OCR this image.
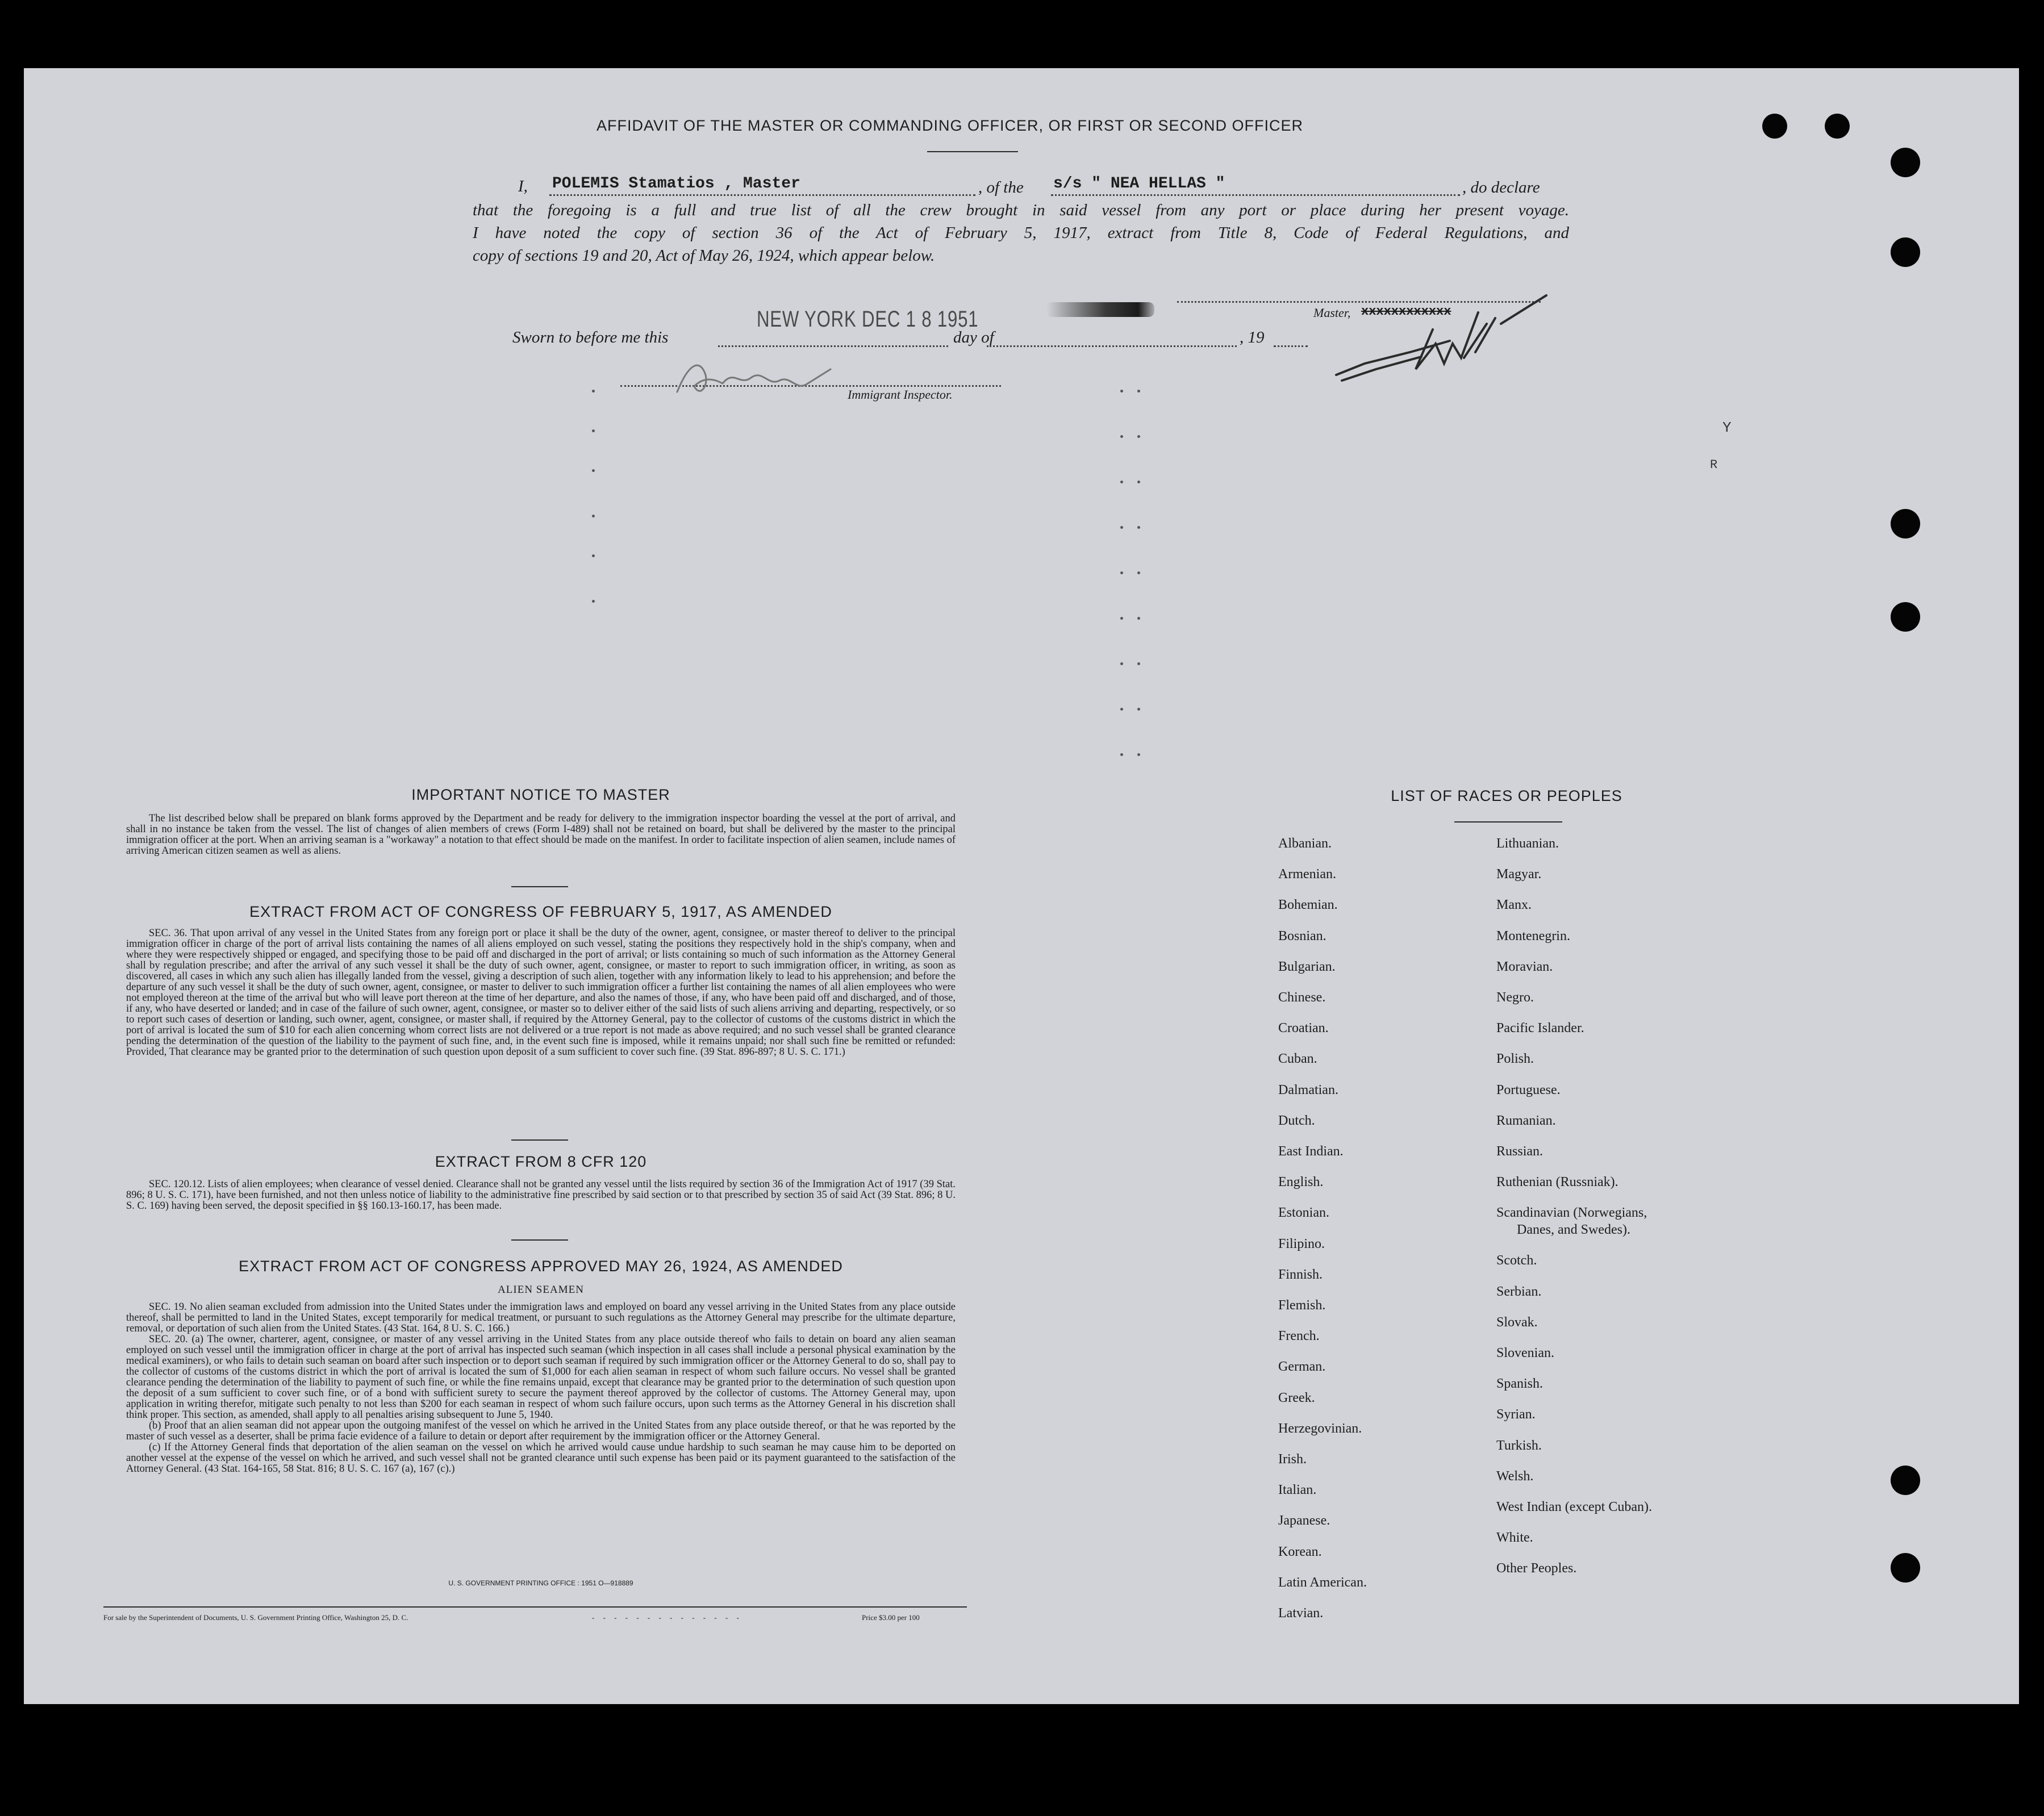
AFFIDAVIT OF THE MASTER OR COMMANDING OFFICER, OR FIRST OR SECOND OFFICER
I, POLEMIS Stamatios , Master	, of the s/s " NEA HELLAS "	, do declare
that the foregoing is a full and true list of all the crew brought in said vessel from any port or place during her present voyage.
I have noted the copy of section 36 of the Act of February 5, 1917, extract from Title 8, Code of Federal Regulations, and
copy of sections 19 and 20, Act of May 26, 1924, which appear below.
Sworn to before me this
NEW YORK DEC 1 8 1951
day of	, 19
Master, xxxxxxxxxxxx
Immigrant Inspector.
Y
R
IMPORTANT NOTICE TO MASTER
The list described below shall be prepared on blank forms approved by the Department and be ready for delivery to the immigration inspector boarding the vessel at the port of arrival, and shall in no instance be taken from the vessel. The list of changes of alien members of crews (Form I-489) shall not be retained on board, but shall be delivered by the master to the principal immigration officer at the port. When an arriving seaman is a "workaway" a notation to that effect should be made on the manifest. In order to facilitate inspection of alien seamen, include names of arriving American citizen seamen as well as aliens.
EXTRACT FROM ACT OF CONGRESS OF FEBRUARY 5, 1917, AS AMENDED
SEC. 36. That upon arrival of any vessel in the United States from any foreign port or place it shall be the duty of the owner, agent, consignee, or master thereof to deliver to the principal immigration officer in charge of the port of arrival lists containing the names of all aliens employed on such vessel, stating the positions they respectively hold in the ship's company, when and where they were respectively shipped or engaged, and specifying those to be paid off and discharged in the port of arrival; or lists containing so much of such information as the Attorney General shall by regulation prescribe; and after the arrival of any such vessel it shall be the duty of such owner, agent, consignee, or master to report to such immigration officer, in writing, as soon as discovered, all cases in which any such alien has illegally landed from the vessel, giving a description of such alien, together with any information likely to lead to his apprehension; and before the departure of any such vessel it shall be the duty of such owner, agent, consignee, or master to deliver to such immigration officer a further list containing the names of all alien employees who were not employed thereon at the time of the arrival but who will leave port thereon at the time of her departure, and also the names of those, if any, who have been paid off and discharged, and of those, if any, who have deserted or landed; and in case of the failure of such owner, agent, consignee, or master so to deliver either of the said lists of such aliens arriving and departing, respectively, or so to report such cases of desertion or landing, such owner, agent, consignee, or master shall, if required by the Attorney General, pay to the collector of customs of the customs district in which the port of arrival is located the sum of $10 for each alien concerning whom correct lists are not delivered or a true report is not made as above required; and no such vessel shall be granted clearance pending the determination of the question of the liability to the payment of such fine, and, in the event such fine is imposed, while it remains unpaid; nor shall such fine be remitted or refunded: Provided, That clearance may be granted prior to the determination of such question upon deposit of a sum sufficient to cover such fine. (39 Stat. 896-897; 8 U. S. C. 171.)
EXTRACT FROM 8 CFR 120
SEC. 120.12. Lists of alien employees; when clearance of vessel denied. Clearance shall not be granted any vessel until the lists required by section 36 of the Immigration Act of 1917 (39 Stat. 896; 8 U. S. C. 171), have been furnished, and not then unless notice of liability to the administrative fine prescribed by said section or to that prescribed by section 35 of said Act (39 Stat. 896; 8 U. S. C. 169) having been served, the deposit specified in §§ 160.13-160.17, has been made.
EXTRACT FROM ACT OF CONGRESS APPROVED MAY 26, 1924, AS AMENDED
ALIEN SEAMEN
SEC. 19. No alien seaman excluded from admission into the United States under the immigration laws and employed on board any vessel arriving in the United States from any place outside thereof, shall be permitted to land in the United States, except temporarily for medical treatment, or pursuant to such regulations as the Attorney General may prescribe for the ultimate departure, removal, or deportation of such alien from the United States. (43 Stat. 164, 8 U. S. C. 166.)
SEC. 20. (a) The owner, charterer, agent, consignee, or master of any vessel arriving in the United States from any place outside thereof who fails to detain on board any alien seaman employed on such vessel until the immigration officer in charge at the port of arrival has inspected such seaman (which inspection in all cases shall include a personal physical examination by the medical examiners), or who fails to detain such seaman on board after such inspection or to deport such seaman if required by such immigration officer or the Attorney General to do so, shall pay to the collector of customs of the customs district in which the port of arrival is located the sum of $1,000 for each alien seaman in respect of whom such failure occurs. No vessel shall be granted clearance pending the determination of the liability to payment of such fine, or while the fine remains unpaid, except that clearance may be granted prior to the determination of such question upon the deposit of a sum sufficient to cover such fine, or of a bond with sufficient surety to secure the payment thereof approved by the collector of customs. The Attorney General may, upon application in writing therefor, mitigate such penalty to not less than $200 for each seaman in respect of whom such failure occurs, upon such terms as the Attorney General in his discretion shall think proper. This section, as amended, shall apply to all penalties arising subsequent to June 5, 1940.
(b) Proof that an alien seaman did not appear upon the outgoing manifest of the vessel on which he arrived in the United States from any place outside thereof, or that he was reported by the master of such vessel as a deserter, shall be prima facie evidence of a failure to detain or deport after requirement by the immigration officer or the Attorney General.
(c) If the Attorney General finds that deportation of the alien seaman on the vessel on which he arrived would cause undue hardship to such seaman he may cause him to be deported on another vessel at the expense of the vessel on which he arrived, and such vessel shall not be granted clearance until such expense has been paid or its payment guaranteed to the satisfaction of the Attorney General. (43 Stat. 164-165, 58 Stat. 816; 8 U. S. C. 167 (a), 167 (c).)
U. S. GOVERNMENT PRINTING OFFICE : 1951 O—918889
For sale by the Superintendent of Documents, U. S. Government Printing Office, Washington 25, D. C.	- - - - - - - - - - - - - -	Price $3.00 per 100
LIST OF RACES OR PEOPLES
Albanian.
Armenian.
Bohemian.
Bosnian.
Bulgarian.
Chinese.
Croatian.
Cuban.
Dalmatian.
Dutch.
East Indian.
English.
Estonian.
Filipino.
Finnish.
Flemish.
French.
German.
Greek.
Herzegovinian.
Irish.
Italian.
Japanese.
Korean.
Latin American.
Latvian.
Lithuanian.
Magyar.
Manx.
Montenegrin.
Moravian.
Negro.
Pacific Islander.
Polish.
Portuguese.
Rumanian.
Russian.
Ruthenian (Russniak).
Scandinavian (Norwegians,
Danes, and Swedes).
Scotch.
Serbian.
Slovak.
Slovenian.
Spanish.
Syrian.
Turkish.
Welsh.
West Indian (except Cuban).
White.
Other Peoples.
